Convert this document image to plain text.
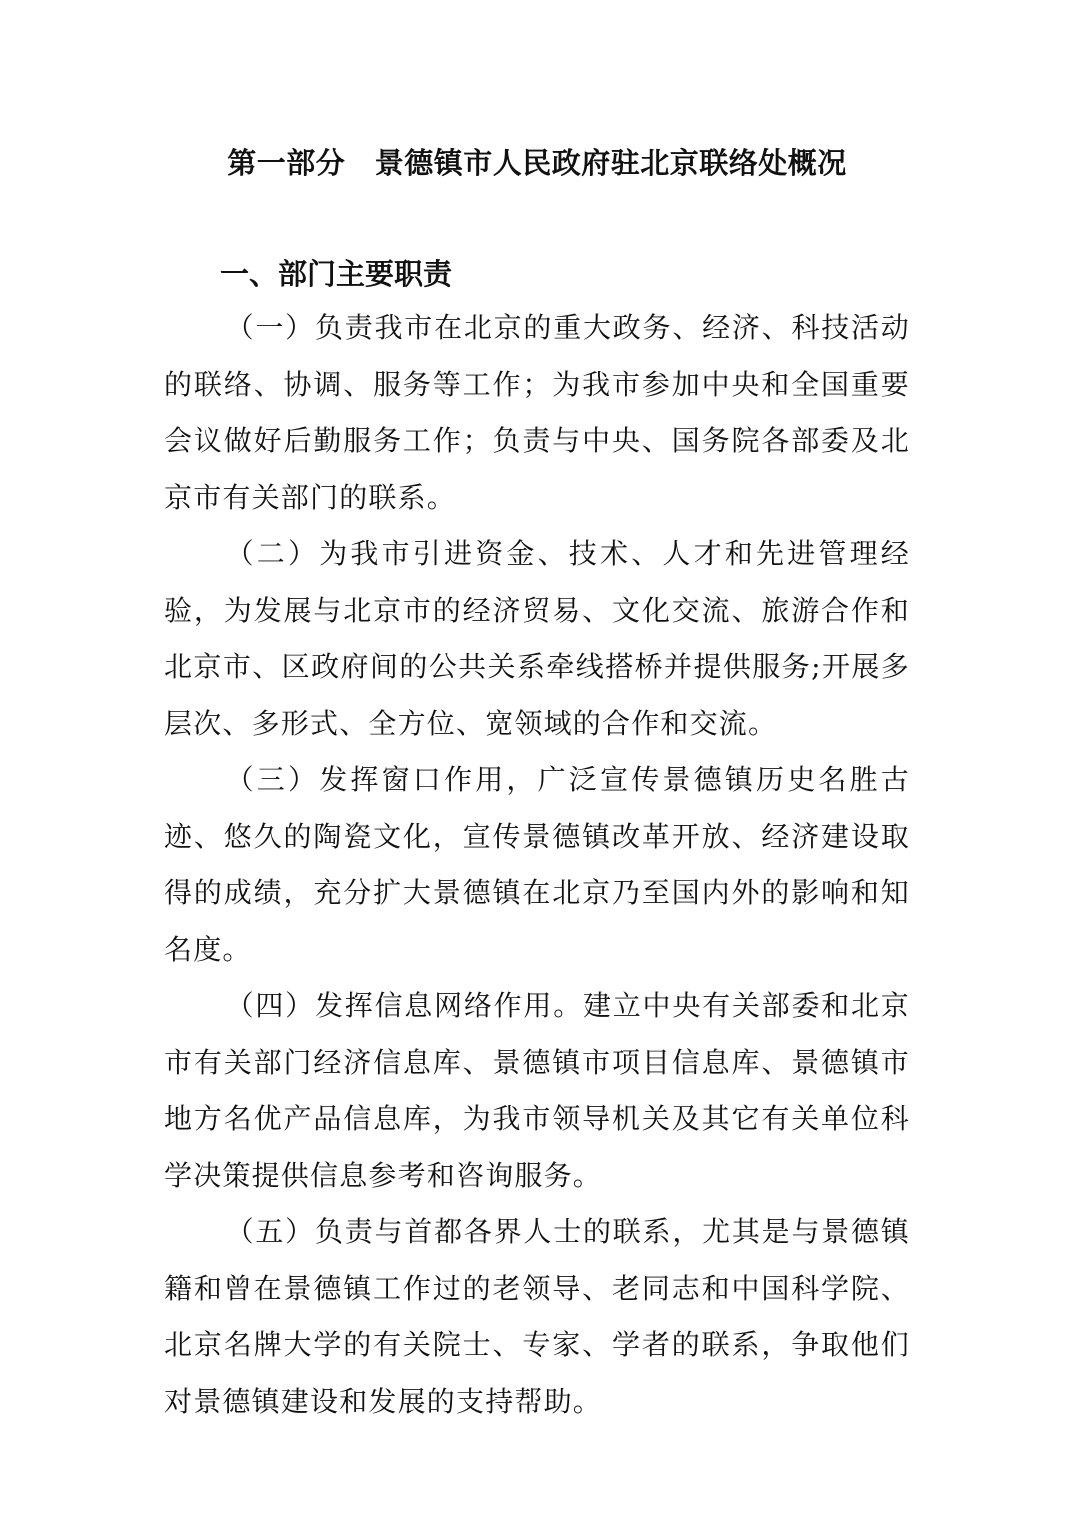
第一部分　景德镇市人民政府驻北京联络处概况
一、部门主要职责

（一）负责我市在北京的重大政务、经济、科技活动的联络、协调、服务等工作；为我市参加中央和全国重要会议做好后勤服务工作；负责与中央、国务院各部委及北京市有关部门的联系。

（二）为我市引进资金、技术、人才和先进管理经验，为发展与北京市的经济贸易、文化交流、旅游合作和北京市、区政府间的公共关系牵线搭桥并提供服务;开展多层次、多形式、全方位、宽领域的合作和交流。

（三）发挥窗口作用，广泛宣传景德镇历史名胜古迹、悠久的陶瓷文化，宣传景德镇改革开放、经济建设取得的成绩，充分扩大景德镇在北京乃至国内外的影响和知名度。

（四）发挥信息网络作用。建立中央有关部委和北京市有关部门经济信息库、景德镇市项目信息库、景德镇市地方名优产品信息库，为我市领导机关及其它有关单位科学决策提供信息参考和咨询服务。

（五）负责与首都各界人士的联系，尤其是与景德镇籍和曾在景德镇工作过的老领导、老同志和中国科学院、北京名牌大学的有关院士、专家、学者的联系，争取他们对景德镇建设和发展的支持帮助。
